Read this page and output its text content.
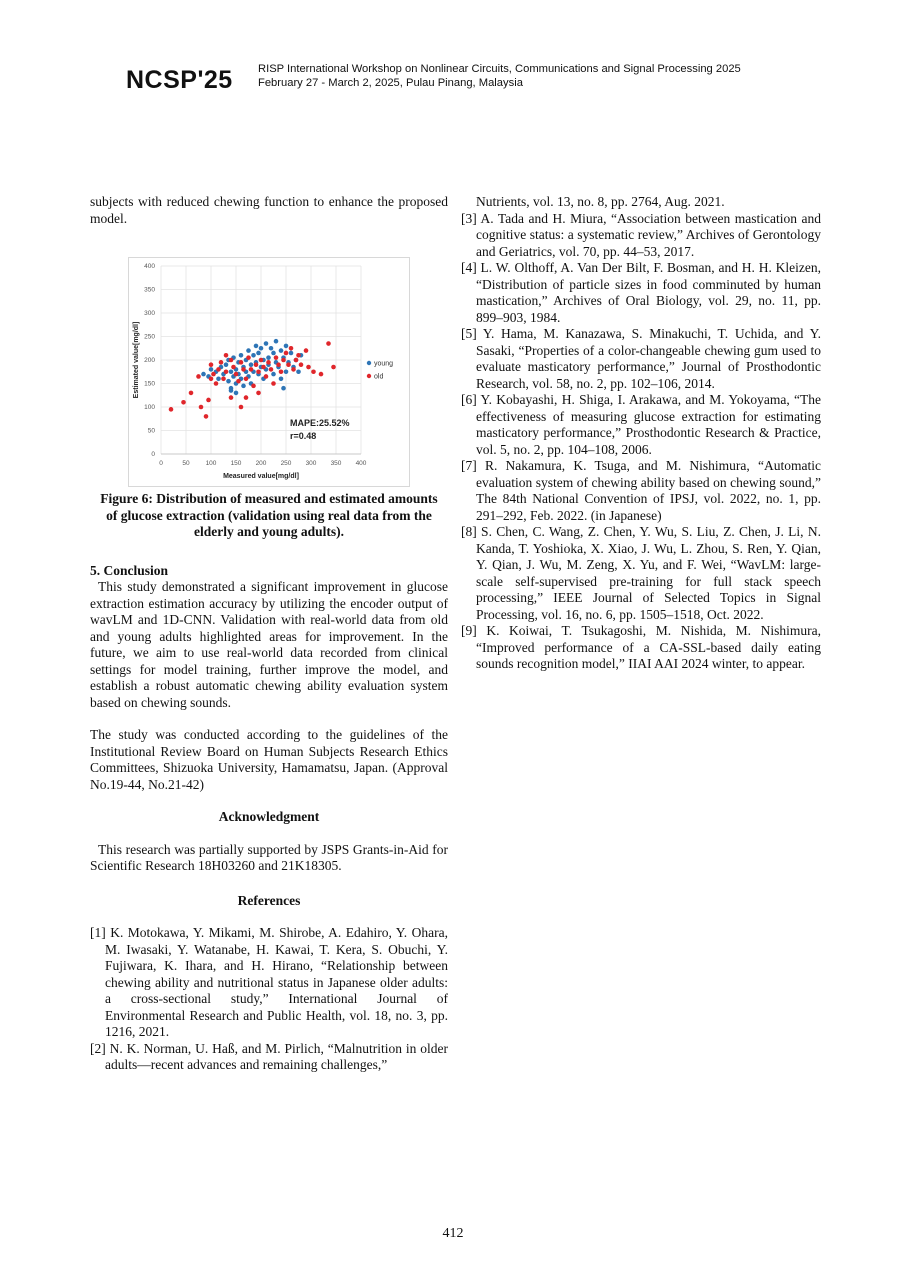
NCSP'25 RISP International Workshop on Nonlinear Circuits, Communications and Signal Processing 2025
February 27 - March 2, 2025, Pulau Pinang, Malaysia

subjects with reduced chewing function to enhance the proposed model.

0	50 100 150 200 250 300 350 400
0
50
100
150
200
250
300
350
400
Measured value[mg/dl]
Estimated value[mg/dl]	young
old
MAPE:25.52%
r=0.48

Figure 6: Distribution of measured and estimated amounts of glucose extraction (validation using real data from the elderly and young adults).

5. Conclusion

This study demonstrated a significant improvement in glucose extraction estimation accuracy by utilizing the encoder output of wavLM and 1D-CNN. Validation with real-world data from old and young adults highlighted areas for improvement. In the future, we aim to use real-world data recorded from clinical settings for model training, further improve the model, and establish a robust automatic chewing ability evaluation system based on chewing sounds.

The study was conducted according to the guidelines of the Institutional Review Board on Human Subjects Research Ethics Committees, Shizuoka University, Hamamatsu, Japan. (Approval No.19-44, No.21-42)

Acknowledgment

This research was partially supported by JSPS Grants-in-Aid for Scientific Research 18H03260 and 21K18305.

References
[1] K. Motokawa, Y. Mikami, M. Shirobe, A. Edahiro, Y. Ohara, M. Iwasaki, Y. Watanabe, H. Kawai, T. Kera, S. Obuchi, Y. Fujiwara, K. Ihara, and H. Hirano, “Relationship between chewing ability and nutritional status in Japanese older adults: a cross-sectional study,” International Journal of Environmental Research and Public Health, vol. 18, no. 3, pp. 1216, 2021.
[2] N. K. Norman, U. Haß, and M. Pirlich, “Malnutrition in older adults—recent advances and remaining challenges,”
Nutrients, vol. 13, no. 8, pp. 2764, Aug. 2021.
[3] A. Tada and H. Miura, “Association between mastication and cognitive status: a systematic review,” Archives of Gerontology and Geriatrics, vol. 70, pp. 44–53, 2017.
[4] L. W. Olthoff, A. Van Der Bilt, F. Bosman, and H. H. Kleizen, “Distribution of particle sizes in food comminuted by human mastication,” Archives of Oral Biology, vol. 29, no. 11, pp. 899–903, 1984.
[5] Y. Hama, M. Kanazawa, S. Minakuchi, T. Uchida, and Y. Sasaki, “Properties of a color-changeable chewing gum used to evaluate masticatory performance,” Journal of Prosthodontic Research, vol. 58, no. 2, pp. 102–106, 2014.
[6] Y. Kobayashi, H. Shiga, I. Arakawa, and M. Yokoyama, “The effectiveness of measuring glucose extraction for estimating masticatory performance,” Prosthodontic Research & Practice, vol. 5, no. 2, pp. 104–108, 2006.
[7] R. Nakamura, K. Tsuga, and M. Nishimura, “Automatic evaluation system of chewing ability based on chewing sound,” The 84th National Convention of IPSJ, vol. 2022, no. 1, pp. 291–292, Feb. 2022. (in Japanese)
[8] S. Chen, C. Wang, Z. Chen, Y. Wu, S. Liu, Z. Chen, J. Li, N. Kanda, T. Yoshioka, X. Xiao, J. Wu, L. Zhou, S. Ren, Y. Qian, Y. Qian, J. Wu, M. Zeng, X. Yu, and F. Wei, “WavLM: large-scale self-supervised pre-training for full stack speech processing,” IEEE Journal of Selected Topics in Signal Processing, vol. 16, no. 6, pp. 1505–1518, Oct. 2022.
[9] K. Koiwai, T. Tsukagoshi, M. Nishida, M. Nishimura, “Improved performance of a CA-SSL-based daily eating sounds recognition model,” IIAI AAI 2024 winter, to appear.
412
